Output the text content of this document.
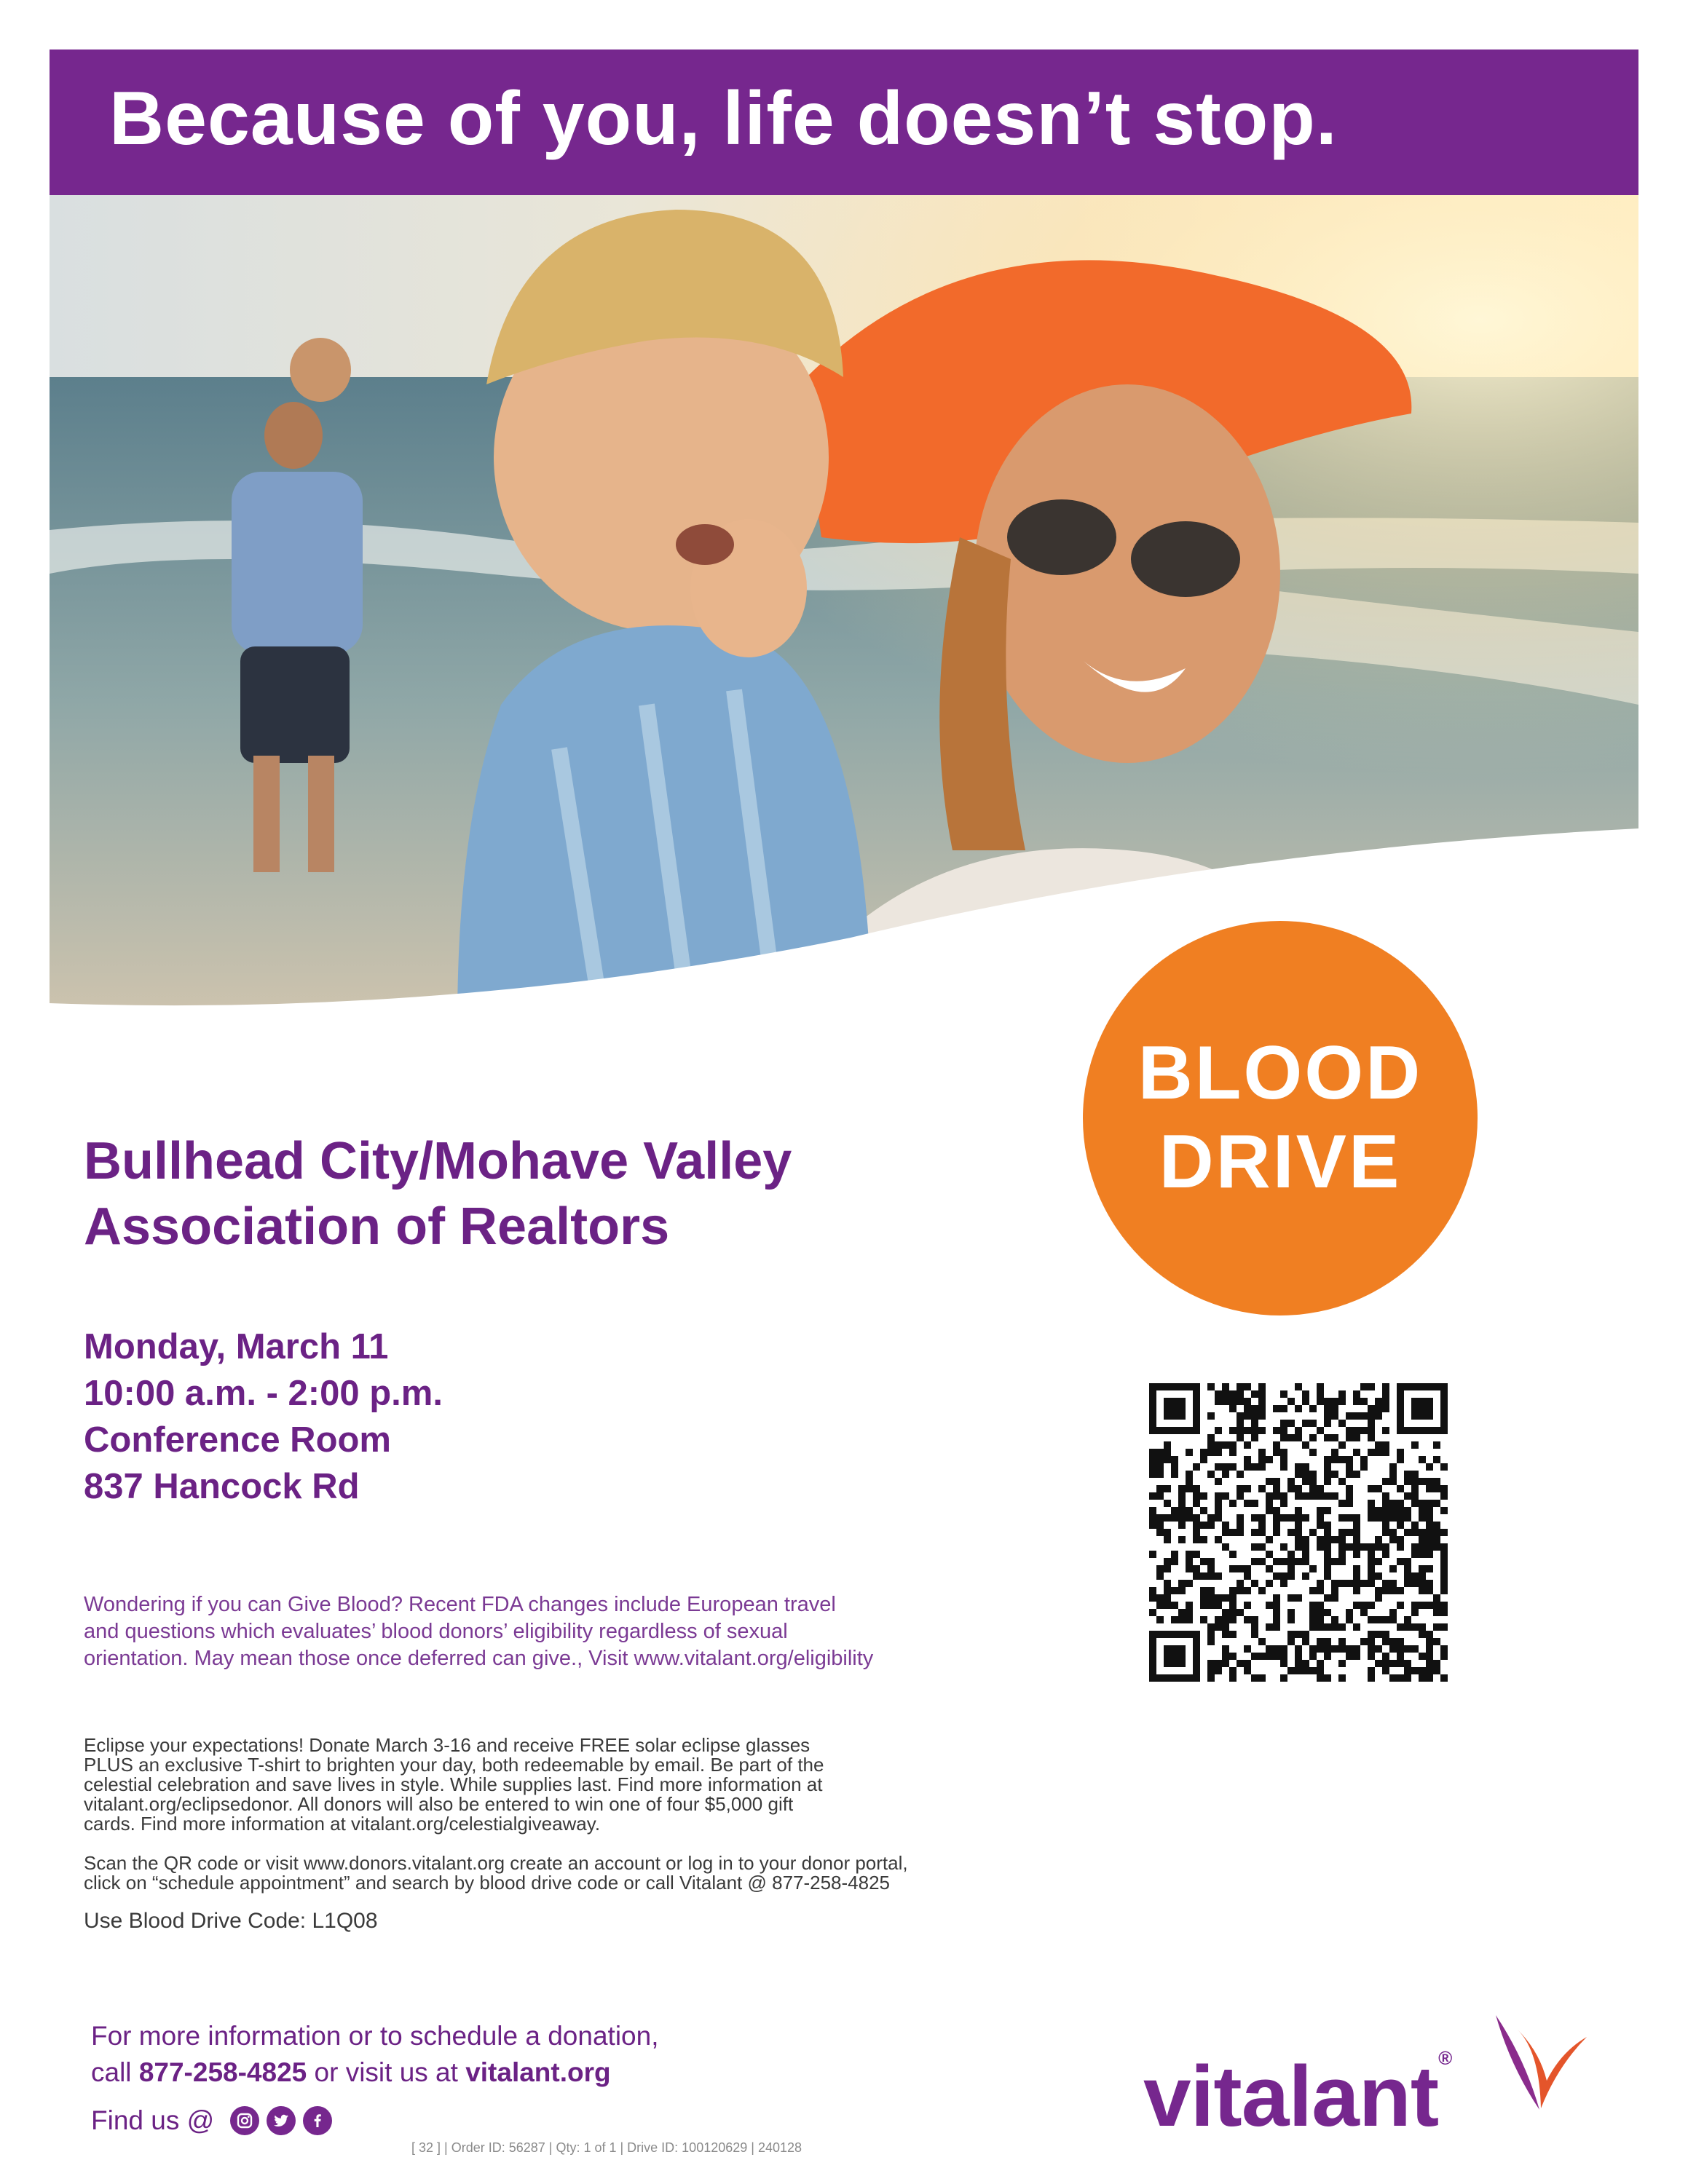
Because of you, life doesn’t stop.
BLOOD
DRIVE
Bullhead City/Mohave Valley
Association of Realtors
Monday, March 11
10:00 a.m. - 2:00 p.m.
Conference Room
837 Hancock Rd
Wondering if you can Give Blood? Recent FDA changes include European travel
and questions which evaluates’ blood donors’ eligibility regardless of sexual
orientation. May mean those once deferred can give., Visit www.vitalant.org/eligibility
Eclipse your expectations! Donate March 3-16 and receive FREE solar eclipse glasses
PLUS an exclusive T-shirt to brighten your day, both redeemable by email. Be part of the
celestial celebration and save lives in style. While supplies last. Find more information at
vitalant.org/eclipsedonor. All donors will also be entered to win one of four $5,000 gift
cards. Find more information at vitalant.org/celestialgiveaway.
Scan the QR code or visit www.donors.vitalant.org create an account or log in to your donor portal,
click on “schedule appointment” and search by blood drive code or call Vitalant @ 877-258-4825
Use Blood Drive Code: L1Q08
For more information or to schedule a donation,
call 877-258-4825 or visit us at vitalant.org
Find us @
[ 32 ] | Order ID: 56287 | Qty: 1 of 1 | Drive ID: 100120629 | 240128
vitalant®
